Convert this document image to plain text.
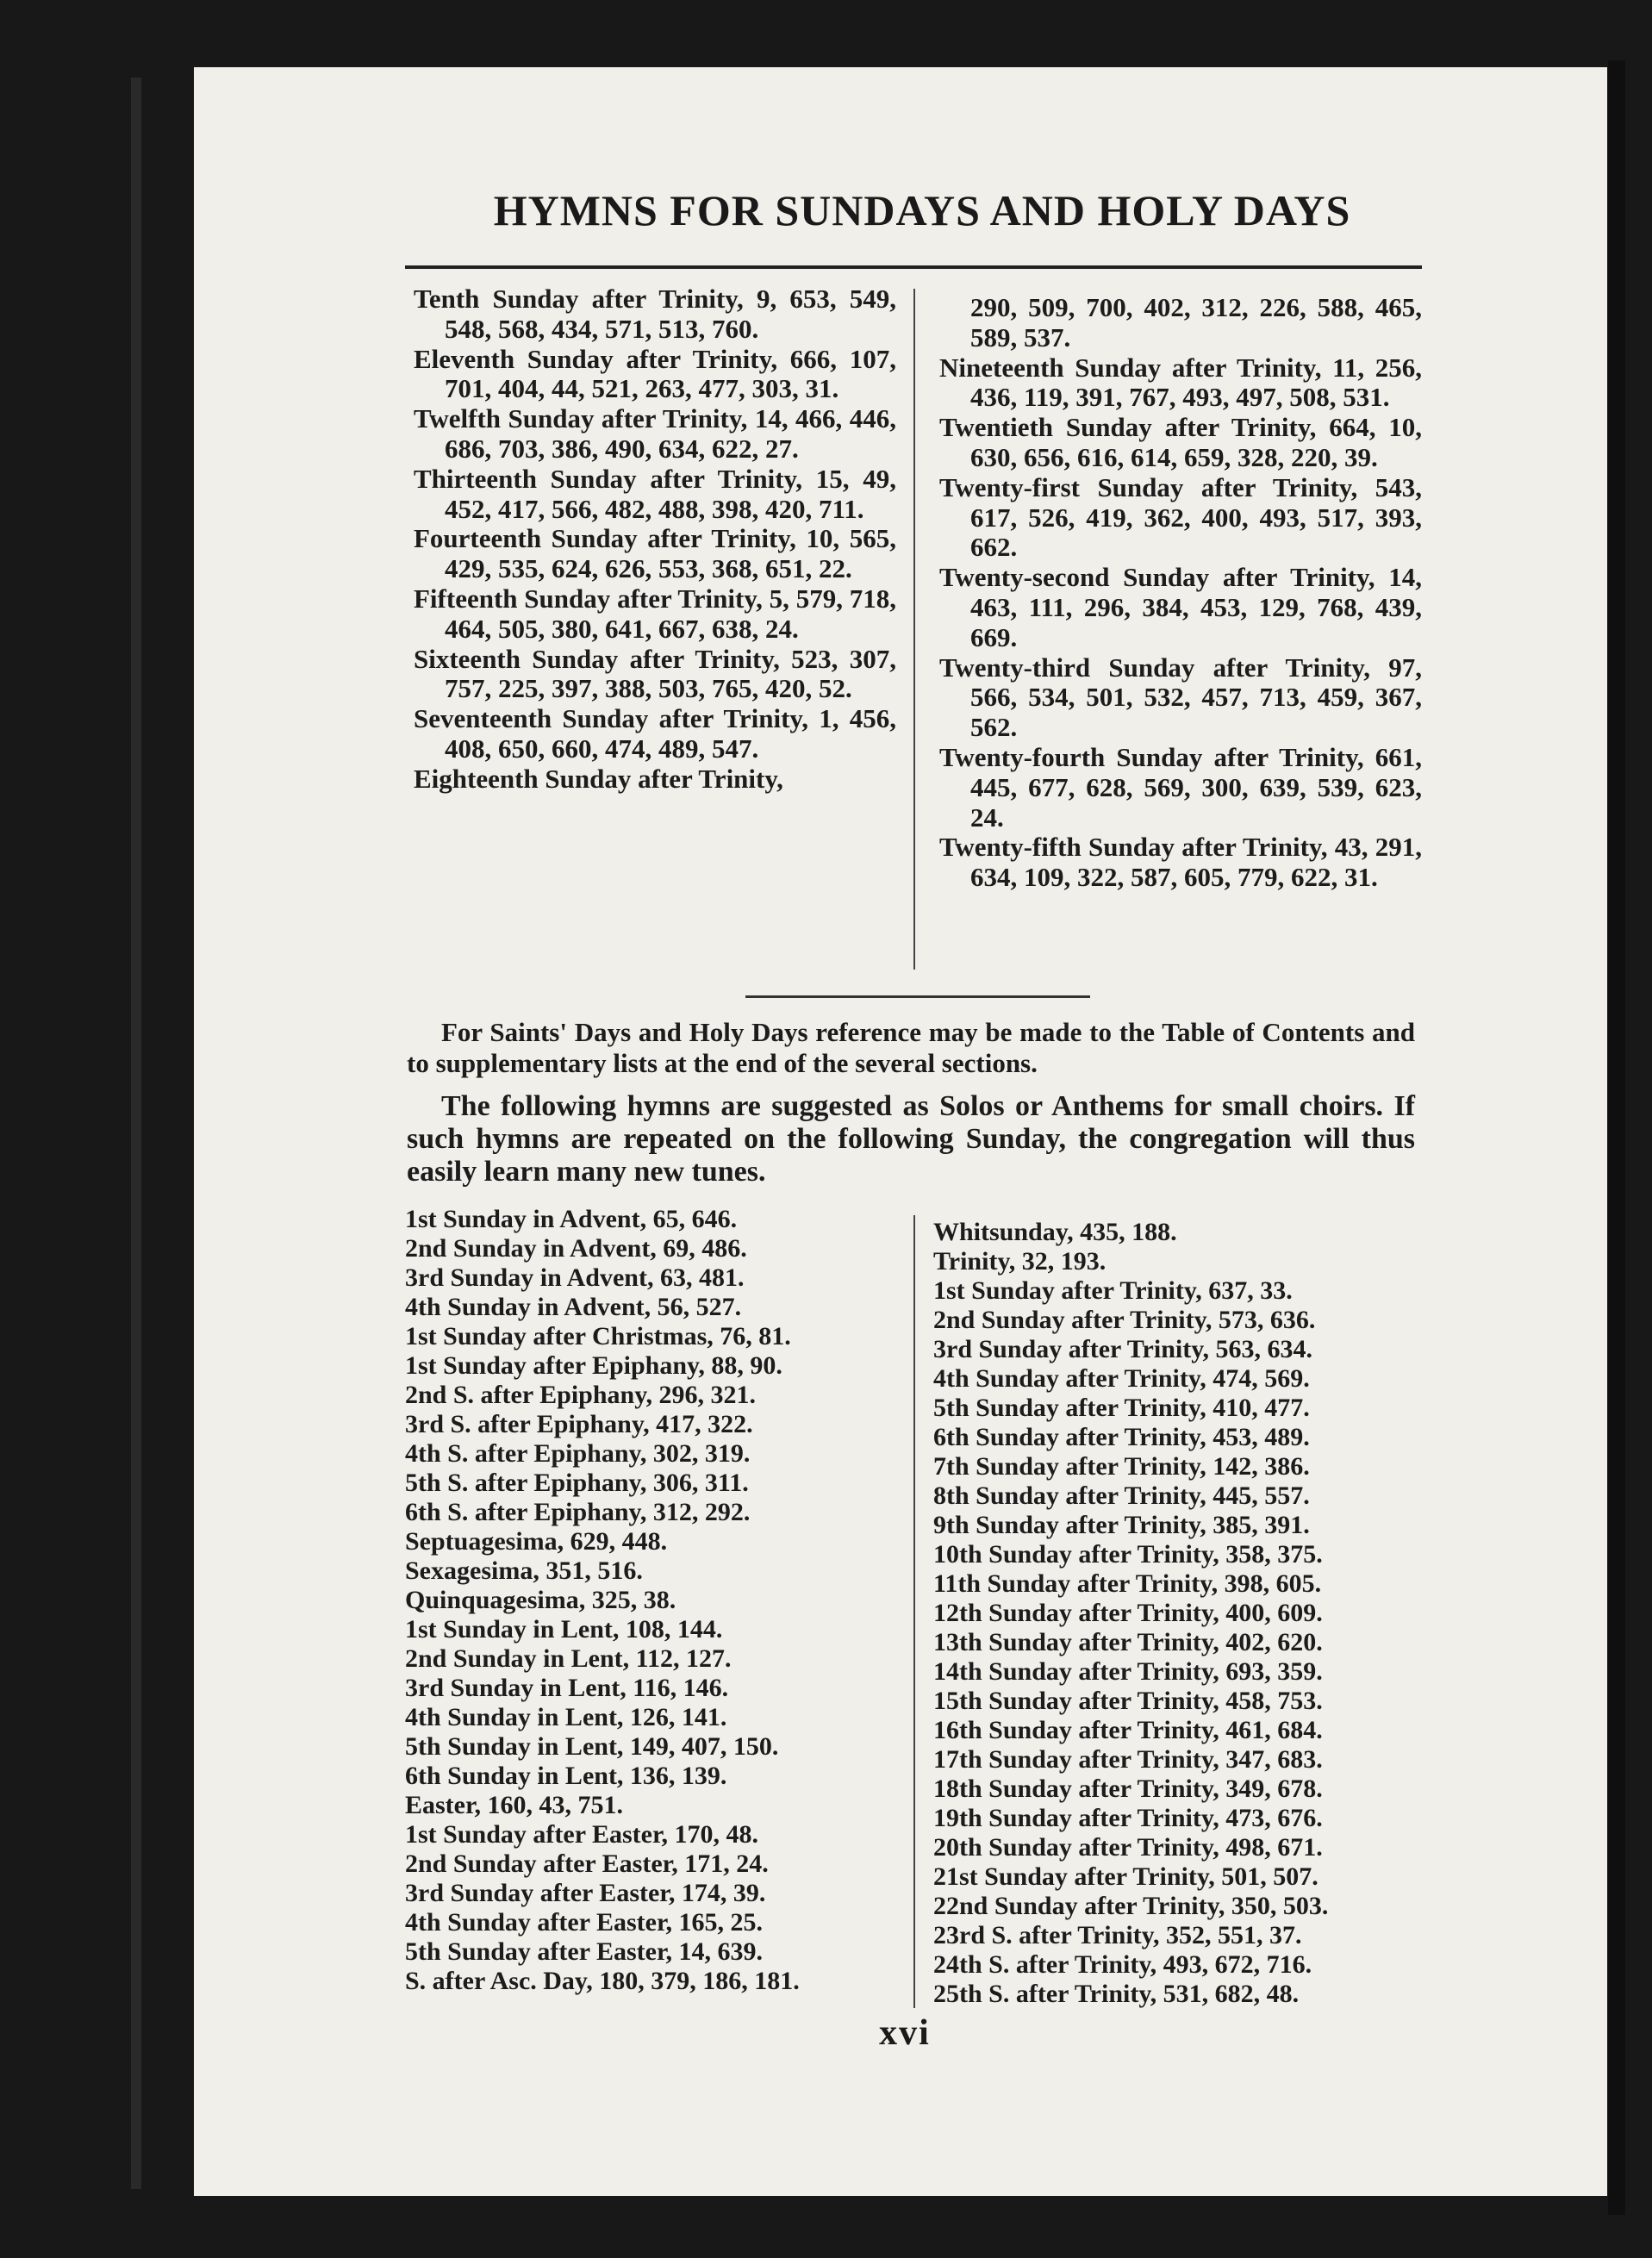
HYMNS FOR SUNDAYS AND HOLY DAYS

Tenth Sunday after Trinity, 9, 653, 549, 548, 568, 434, 571, 513, 760.

Eleventh Sunday after Trinity, 666, 107, 701, 404, 44, 521, 263, 477, 303, 31.

Twelfth Sunday after Trinity, 14, 466, 446, 686, 703, 386, 490, 634, 622, 27.

Thirteenth Sunday after Trinity, 15, 49, 452, 417, 566, 482, 488, 398, 420, 711.

Fourteenth Sunday after Trinity, 10, 565, 429, 535, 624, 626, 553, 368, 651, 22.

Fifteenth Sunday after Trinity, 5, 579, 718, 464, 505, 380, 641, 667, 638, 24.

Sixteenth Sunday after Trinity, 523, 307, 757, 225, 397, 388, 503, 765, 420, 52.

Seventeenth Sunday after Trinity, 1, 456, 408, 650, 660, 474, 489, 547.

Eighteenth Sunday after Trinity,

290, 509, 700, 402, 312, 226, 588, 465, 589, 537.

Nineteenth Sunday after Trinity, 11, 256, 436, 119, 391, 767, 493, 497, 508, 531.

Twentieth Sunday after Trinity, 664, 10, 630, 656, 616, 614, 659, 328, 220, 39.

Twenty-first Sunday after Trinity, 543, 617, 526, 419, 362, 400, 493, 517, 393, 662.

Twenty-second Sunday after Trinity, 14, 463, 111, 296, 384, 453, 129, 768, 439, 669.

Twenty-third Sunday after Trinity, 97, 566, 534, 501, 532, 457, 713, 459, 367, 562.

Twenty-fourth Sunday after Trinity, 661, 445, 677, 628, 569, 300, 639, 539, 623, 24.

Twenty-fifth Sunday after Trinity, 43, 291, 634, 109, 322, 587, 605, 779, 622, 31.

For Saints' Days and Holy Days reference may be made to the Table of Contents and to supplementary lists at the end of the several sections.

The following hymns are suggested as Solos or Anthems for small choirs. If such hymns are repeated on the following Sunday, the congregation will thus easily learn many new tunes.

1st Sunday in Advent, 65, 646.
2nd Sunday in Advent, 69, 486.
3rd Sunday in Advent, 63, 481.
4th Sunday in Advent, 56, 527.
1st Sunday after Christmas, 76, 81.
1st Sunday after Epiphany, 88, 90.
2nd S. after Epiphany, 296, 321.
3rd S. after Epiphany, 417, 322.
4th S. after Epiphany, 302, 319.
5th S. after Epiphany, 306, 311.
6th S. after Epiphany, 312, 292.
Septuagesima, 629, 448.
Sexagesima, 351, 516.
Quinquagesima, 325, 38.
1st Sunday in Lent, 108, 144.
2nd Sunday in Lent, 112, 127.
3rd Sunday in Lent, 116, 146.
4th Sunday in Lent, 126, 141.
5th Sunday in Lent, 149, 407, 150.
6th Sunday in Lent, 136, 139.
Easter, 160, 43, 751.
1st Sunday after Easter, 170, 48.
2nd Sunday after Easter, 171, 24.
3rd Sunday after Easter, 174, 39.
4th Sunday after Easter, 165, 25.
5th Sunday after Easter, 14, 639.
S. after Asc. Day, 180, 379, 186, 181.
Whitsunday, 435, 188.
Trinity, 32, 193.
1st Sunday after Trinity, 637, 33.
2nd Sunday after Trinity, 573, 636.
3rd Sunday after Trinity, 563, 634.
4th Sunday after Trinity, 474, 569.
5th Sunday after Trinity, 410, 477.
6th Sunday after Trinity, 453, 489.
7th Sunday after Trinity, 142, 386.
8th Sunday after Trinity, 445, 557.
9th Sunday after Trinity, 385, 391.
10th Sunday after Trinity, 358, 375.
11th Sunday after Trinity, 398, 605.
12th Sunday after Trinity, 400, 609.
13th Sunday after Trinity, 402, 620.
14th Sunday after Trinity, 693, 359.
15th Sunday after Trinity, 458, 753.
16th Sunday after Trinity, 461, 684.
17th Sunday after Trinity, 347, 683.
18th Sunday after Trinity, 349, 678.
19th Sunday after Trinity, 473, 676.
20th Sunday after Trinity, 498, 671.
21st Sunday after Trinity, 501, 507.
22nd Sunday after Trinity, 350, 503.
23rd S. after Trinity, 352, 551, 37.
24th S. after Trinity, 493, 672, 716.
25th S. after Trinity, 531, 682, 48.
xvi
